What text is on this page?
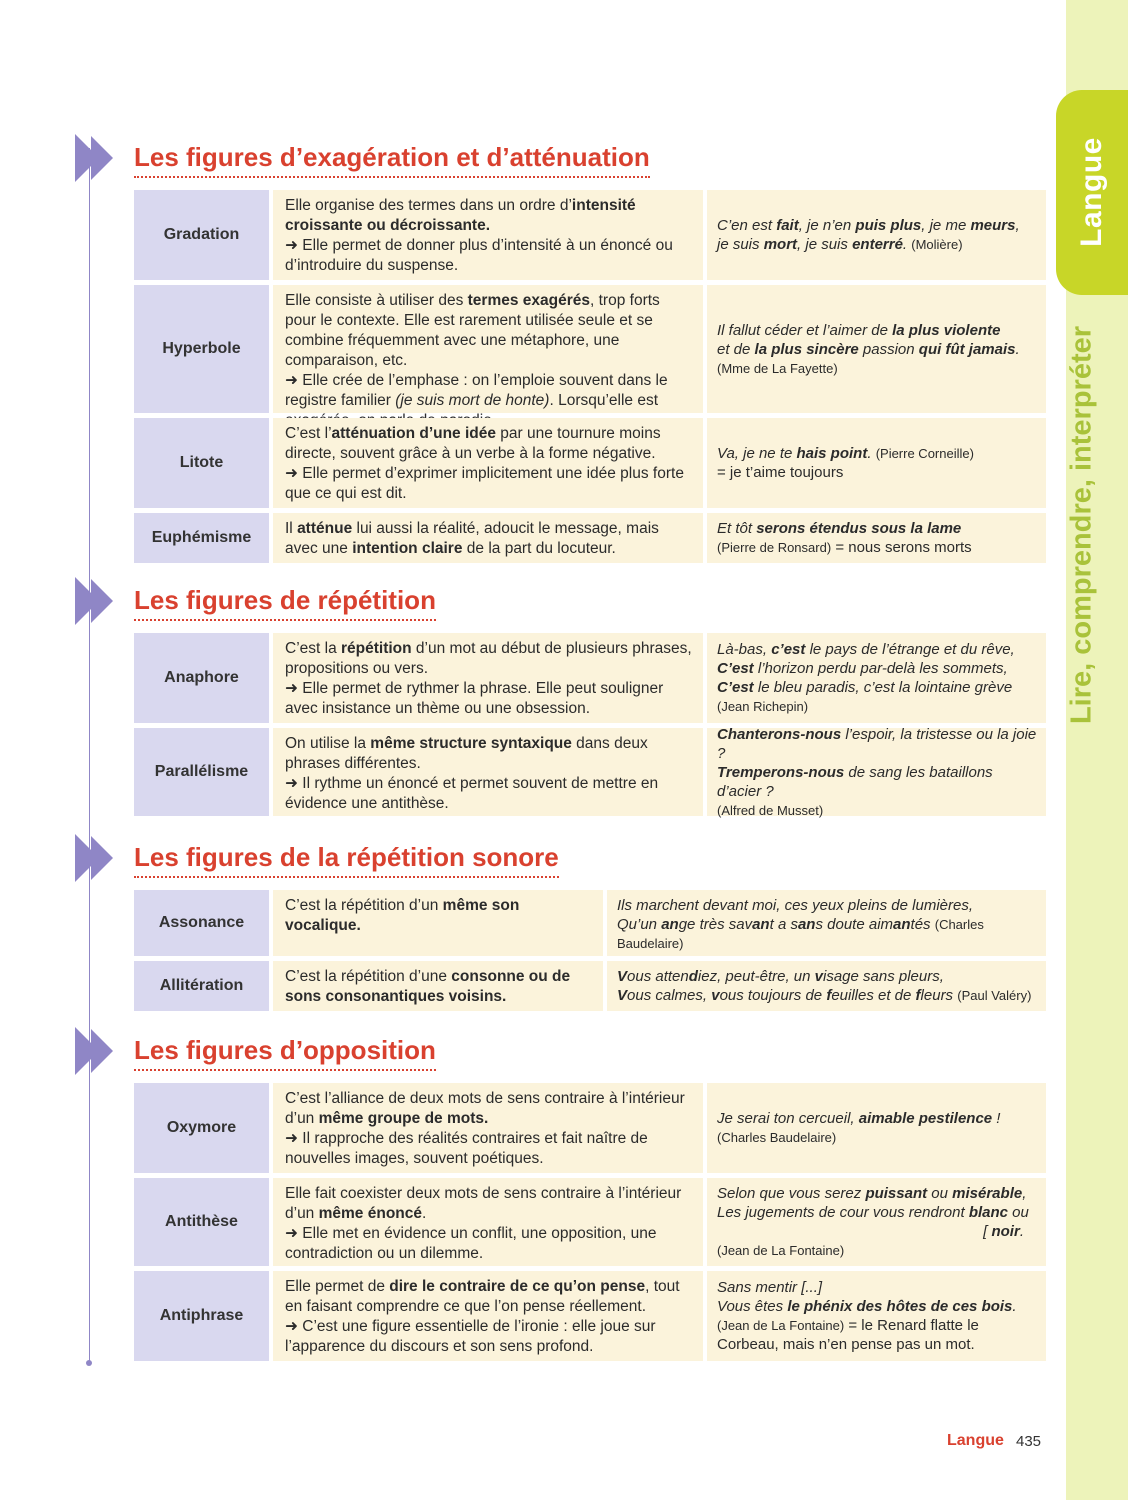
Langue
Lire, comprendre, interpréter
Les figures d’exagération et d’atténuation
Gradation
Elle organise des termes dans un ordre d’intensité croissante ou décroissante.
➜ Elle permet de donner plus d’intensité à un énoncé ou d’introduire du suspense.
C’en est fait, je n’en puis plus, je me meurs,
je suis mort, je suis enterré. (Molière)
Hyperbole
Elle consiste à utiliser des termes exagérés, trop forts pour le contexte. Elle est rarement utilisée seule et se combine fréquemment avec une métaphore, une comparaison, etc.
➜ Elle crée de l’emphase : on l’emploie souvent dans le registre familier (je suis mort de honte). Lorsqu’elle est
Il fallut céder et l’aimer de la plus violente
et de la plus sincère passion qui fût jamais.
(Mme de La Fayette)
Litote
C’est l’atténuation d’une idée par une tournure moins directe, souvent grâce à un verbe à la forme négative.
➜ Elle permet d’exprimer implicitement une idée plus forte que ce qui est dit.
Va, je ne te hais point. (Pierre Corneille)
= je t’aime toujours
Euphémisme
Il atténue lui aussi la réalité, adoucit le message, mais avec une intention claire de la part du locuteur.
Et tôt serons étendus sous la lame
(Pierre de Ronsard) = nous serons morts
Les figures de répétition
Anaphore
C’est la répétition d’un mot au début de plusieurs phrases, propositions ou vers.
➜ Elle permet de rythmer la phrase. Elle peut souligner avec insistance un thème ou une obsession.
Là-bas, c’est le pays de l’étrange et du rêve,
C’est l’horizon perdu par-delà les sommets,
C’est le bleu paradis, c’est la lointaine grève
(Jean Richepin)
Parallélisme
On utilise la même structure syntaxique dans deux phrases différentes.
➜ Il rythme un énoncé et permet souvent de mettre en évidence une antithèse.
Chanterons-nous l’espoir, la tristesse ou la joie ?
Tremperons-nous de sang les bataillons d’acier ?
(Alfred de Musset)
Les figures de la répétition sonore
Assonance
C’est la répétition d’un même son vocalique.
Ils marchent devant moi, ces yeux pleins de lumières,
Qu’un ange très savant a sans doute aimantés (Charles Baudelaire)
Allitération
C’est la répétition d’une consonne ou de sons consonantiques voisins.
Vous attendiez, peut-être, un visage sans pleurs,
Vous calmes, vous toujours de feuilles et de fleurs (Paul Valéry)
Les figures d’opposition
Oxymore
C’est l’alliance de deux mots de sens contraire à l’intérieur d’un même groupe de mots.
➜ Il rapproche des réalités contraires et fait naître de nouvelles images, souvent poétiques.
Je serai ton cercueil, aimable pestilence ! (Charles Baudelaire)
Antithèse
Elle fait coexister deux mots de sens contraire à l’intérieur d’un même énoncé.
➜ Elle met en évidence un conflit, une opposition, une contradiction ou un dilemme.
Selon que vous serez puissant ou misérable,
Les jugements de cour vous rendront blanc ou
[ noir.
(Jean de La Fontaine)
Antiphrase
Elle permet de dire le contraire de ce qu’on pense, tout en faisant comprendre ce que l’on pense réellement.
➜ C’est une figure essentielle de l’ironie : elle joue sur l’apparence du discours et son sens profond.
Sans mentir [...]
Vous êtes le phénix des hôtes de ces bois.
(Jean de La Fontaine) = le Renard flatte le Corbeau, mais n’en pense pas un mot.
Langue 435
